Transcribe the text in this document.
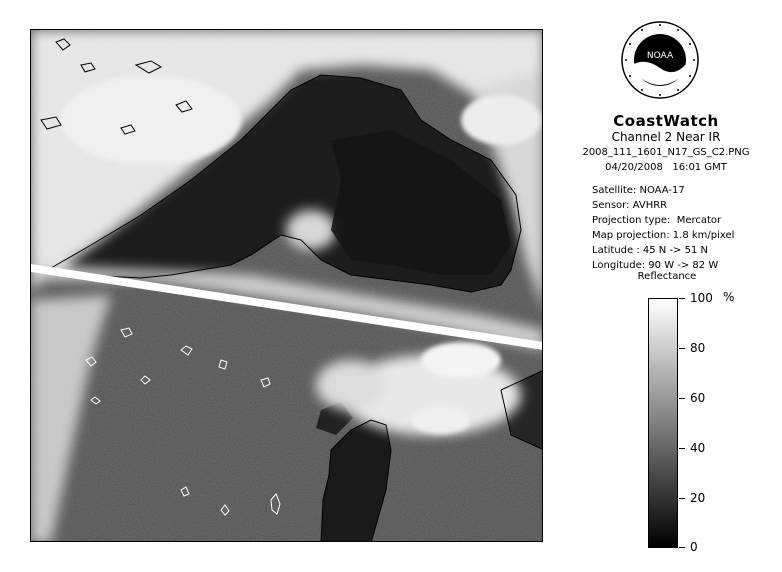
NOAA
CoastWatch
Channel 2 Near IR
2008_111_1601_N17_GS_C2.PNG
04/20/2008   16:01 GMT
Satellite: NOAA-17
Sensor: AVHRR
Projection type:  Mercator
Map projection: 1.8 km/pixel
Latitude : 45 N -> 51 N
Longitude: 90 W -> 82 W
Reflectance
%
100
80
60
40
20
0
